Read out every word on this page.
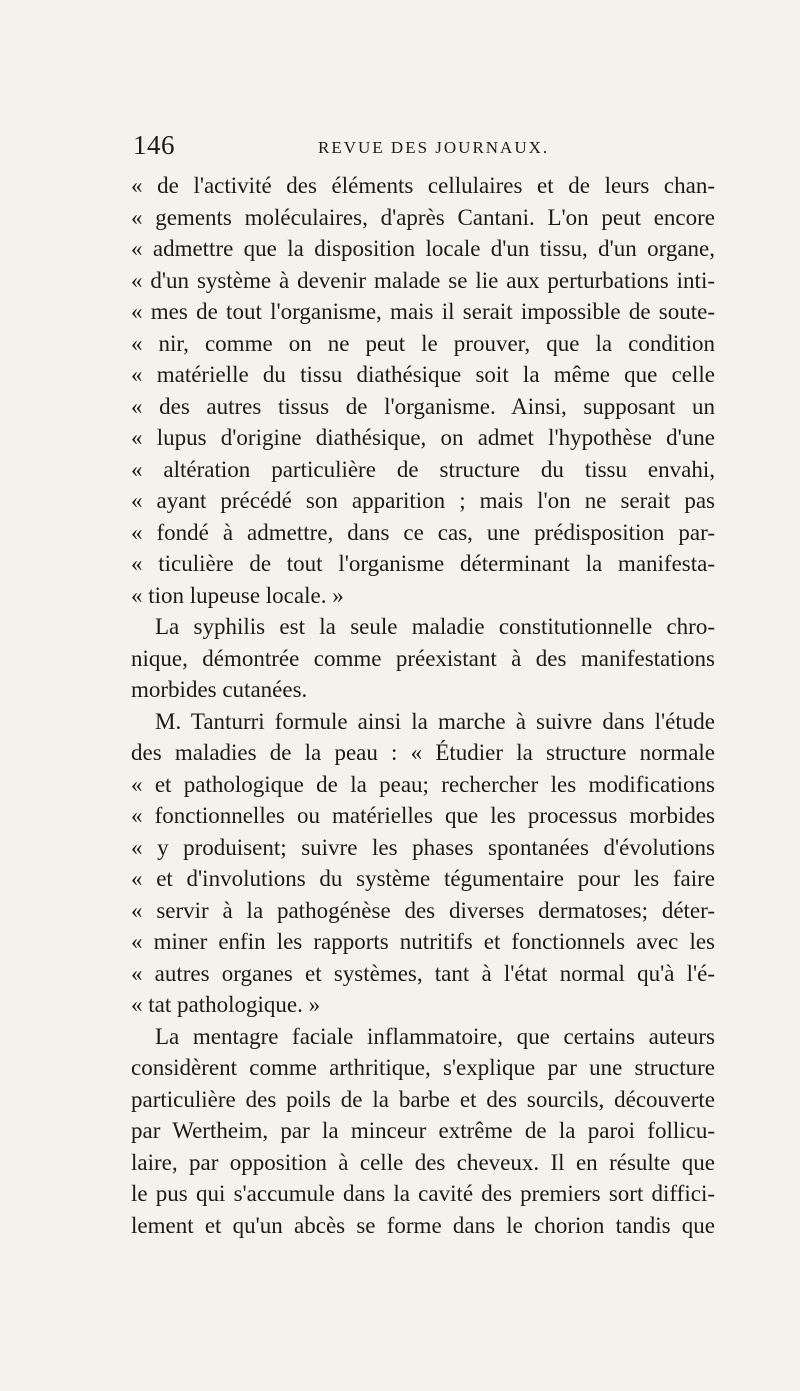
146	REVUE DES JOURNAUX.
« de l'activité des éléments cellulaires et de leurs chan-
« gements moléculaires, d'après Cantani. L'on peut encore
« admettre que la disposition locale d'un tissu, d'un organe,
« d'un système à devenir malade se lie aux perturbations inti-
« mes de tout l'organisme, mais il serait impossible de soute-
« nir, comme on ne peut le prouver, que la condition
« matérielle du tissu diathésique soit la même que celle
« des autres tissus de l'organisme. Ainsi, supposant un
« lupus d'origine diathésique, on admet l'hypothèse d'une
« altération particulière de structure du tissu envahi,
« ayant précédé son apparition ; mais l'on ne serait pas
« fondé à admettre, dans ce cas, une prédisposition par-
« ticulière de tout l'organisme déterminant la manifesta-
« tion lupeuse locale. »
La syphilis est la seule maladie constitutionnelle chro-
nique, démontrée comme préexistant à des manifestations
morbides cutanées.
M. Tanturri formule ainsi la marche à suivre dans l'étude
des maladies de la peau : « Étudier la structure normale
« et pathologique de la peau; rechercher les modifications
« fonctionnelles ou matérielles que les processus morbides
« y produisent; suivre les phases spontanées d'évolutions
« et d'involutions du système tégumentaire pour les faire
« servir à la pathogénèse des diverses dermatoses; déter-
« miner enfin les rapports nutritifs et fonctionnels avec les
« autres organes et systèmes, tant à l'état normal qu'à l'é-
« tat pathologique. »
La mentagre faciale inflammatoire, que certains auteurs
considèrent comme arthritique, s'explique par une structure
particulière des poils de la barbe et des sourcils, découverte
par Wertheim, par la minceur extrême de la paroi follicu-
laire, par opposition à celle des cheveux. Il en résulte que
le pus qui s'accumule dans la cavité des premiers sort diffici-
lement et qu'un abcès se forme dans le chorion tandis que
